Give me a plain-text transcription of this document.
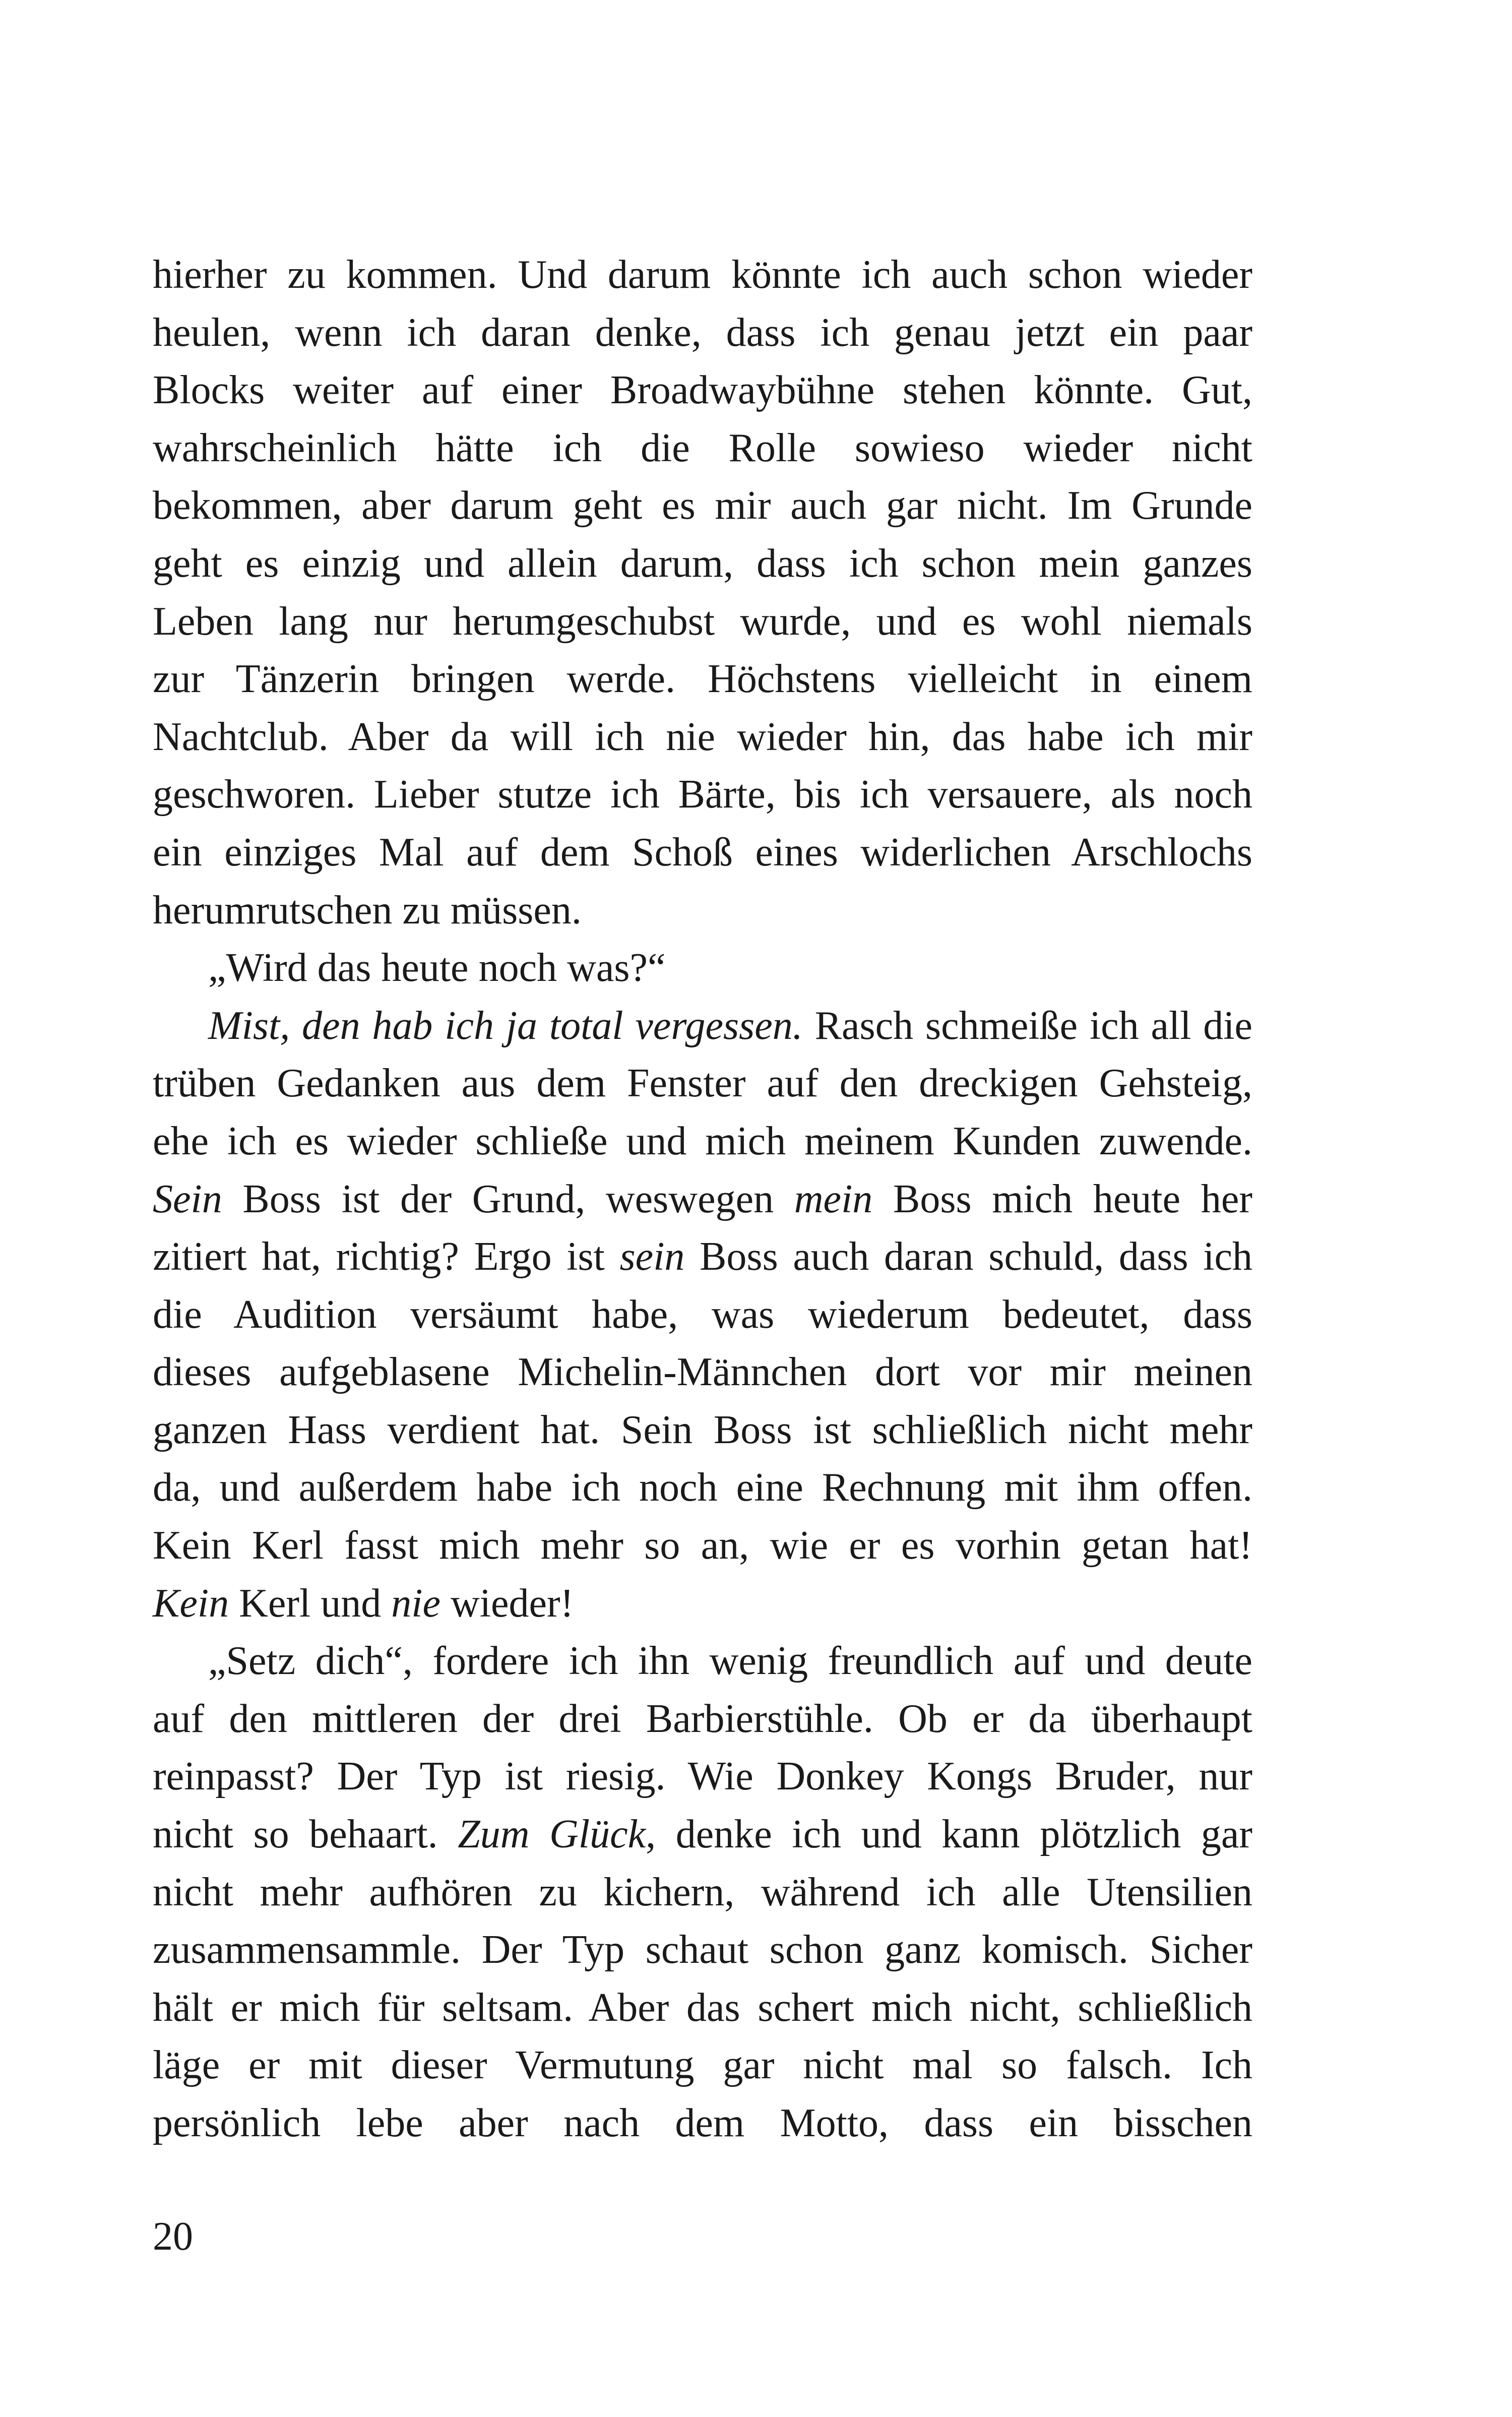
hierher zu kommen. Und darum könnte ich auch schon wieder
heulen, wenn ich daran denke, dass ich genau jetzt ein paar
Blocks weiter auf einer Broadwaybühne stehen könnte. Gut,
wahrscheinlich hätte ich die Rolle sowieso wieder nicht
bekommen, aber darum geht es mir auch gar nicht. Im Grunde
geht es einzig und allein darum, dass ich schon mein ganzes
Leben lang nur herumgeschubst wurde, und es wohl niemals
zur Tänzerin bringen werde. Höchstens vielleicht in einem
Nachtclub. Aber da will ich nie wieder hin, das habe ich mir
geschworen. Lieber stutze ich Bärte, bis ich versauere, als noch
ein einziges Mal auf dem Schoß eines widerlichen Arschlochs
herumrutschen zu müssen.
„Wird das heute noch was?“
Mist, den hab ich ja total vergessen. Rasch schmeiße ich all die
trüben Gedanken aus dem Fenster auf den dreckigen Gehsteig,
ehe ich es wieder schließe und mich meinem Kunden zuwende.
Sein Boss ist der Grund, weswegen mein Boss mich heute her
zitiert hat, richtig? Ergo ist sein Boss auch daran schuld, dass ich
die Audition versäumt habe, was wiederum bedeutet, dass
dieses aufgeblasene Michelin-Männchen dort vor mir meinen
ganzen Hass verdient hat. Sein Boss ist schließlich nicht mehr
da, und außerdem habe ich noch eine Rechnung mit ihm offen.
Kein Kerl fasst mich mehr so an, wie er es vorhin getan hat!
Kein Kerl und nie wieder!
„Setz dich“, fordere ich ihn wenig freundlich auf und deute
auf den mittleren der drei Barbierstühle. Ob er da überhaupt
reinpasst? Der Typ ist riesig. Wie Donkey Kongs Bruder, nur
nicht so behaart. Zum Glück, denke ich und kann plötzlich gar
nicht mehr aufhören zu kichern, während ich alle Utensilien
zusammensammle. Der Typ schaut schon ganz komisch. Sicher
hält er mich für seltsam. Aber das schert mich nicht, schließlich
läge er mit dieser Vermutung gar nicht mal so falsch. Ich
persönlich lebe aber nach dem Motto, dass ein bisschen
20
